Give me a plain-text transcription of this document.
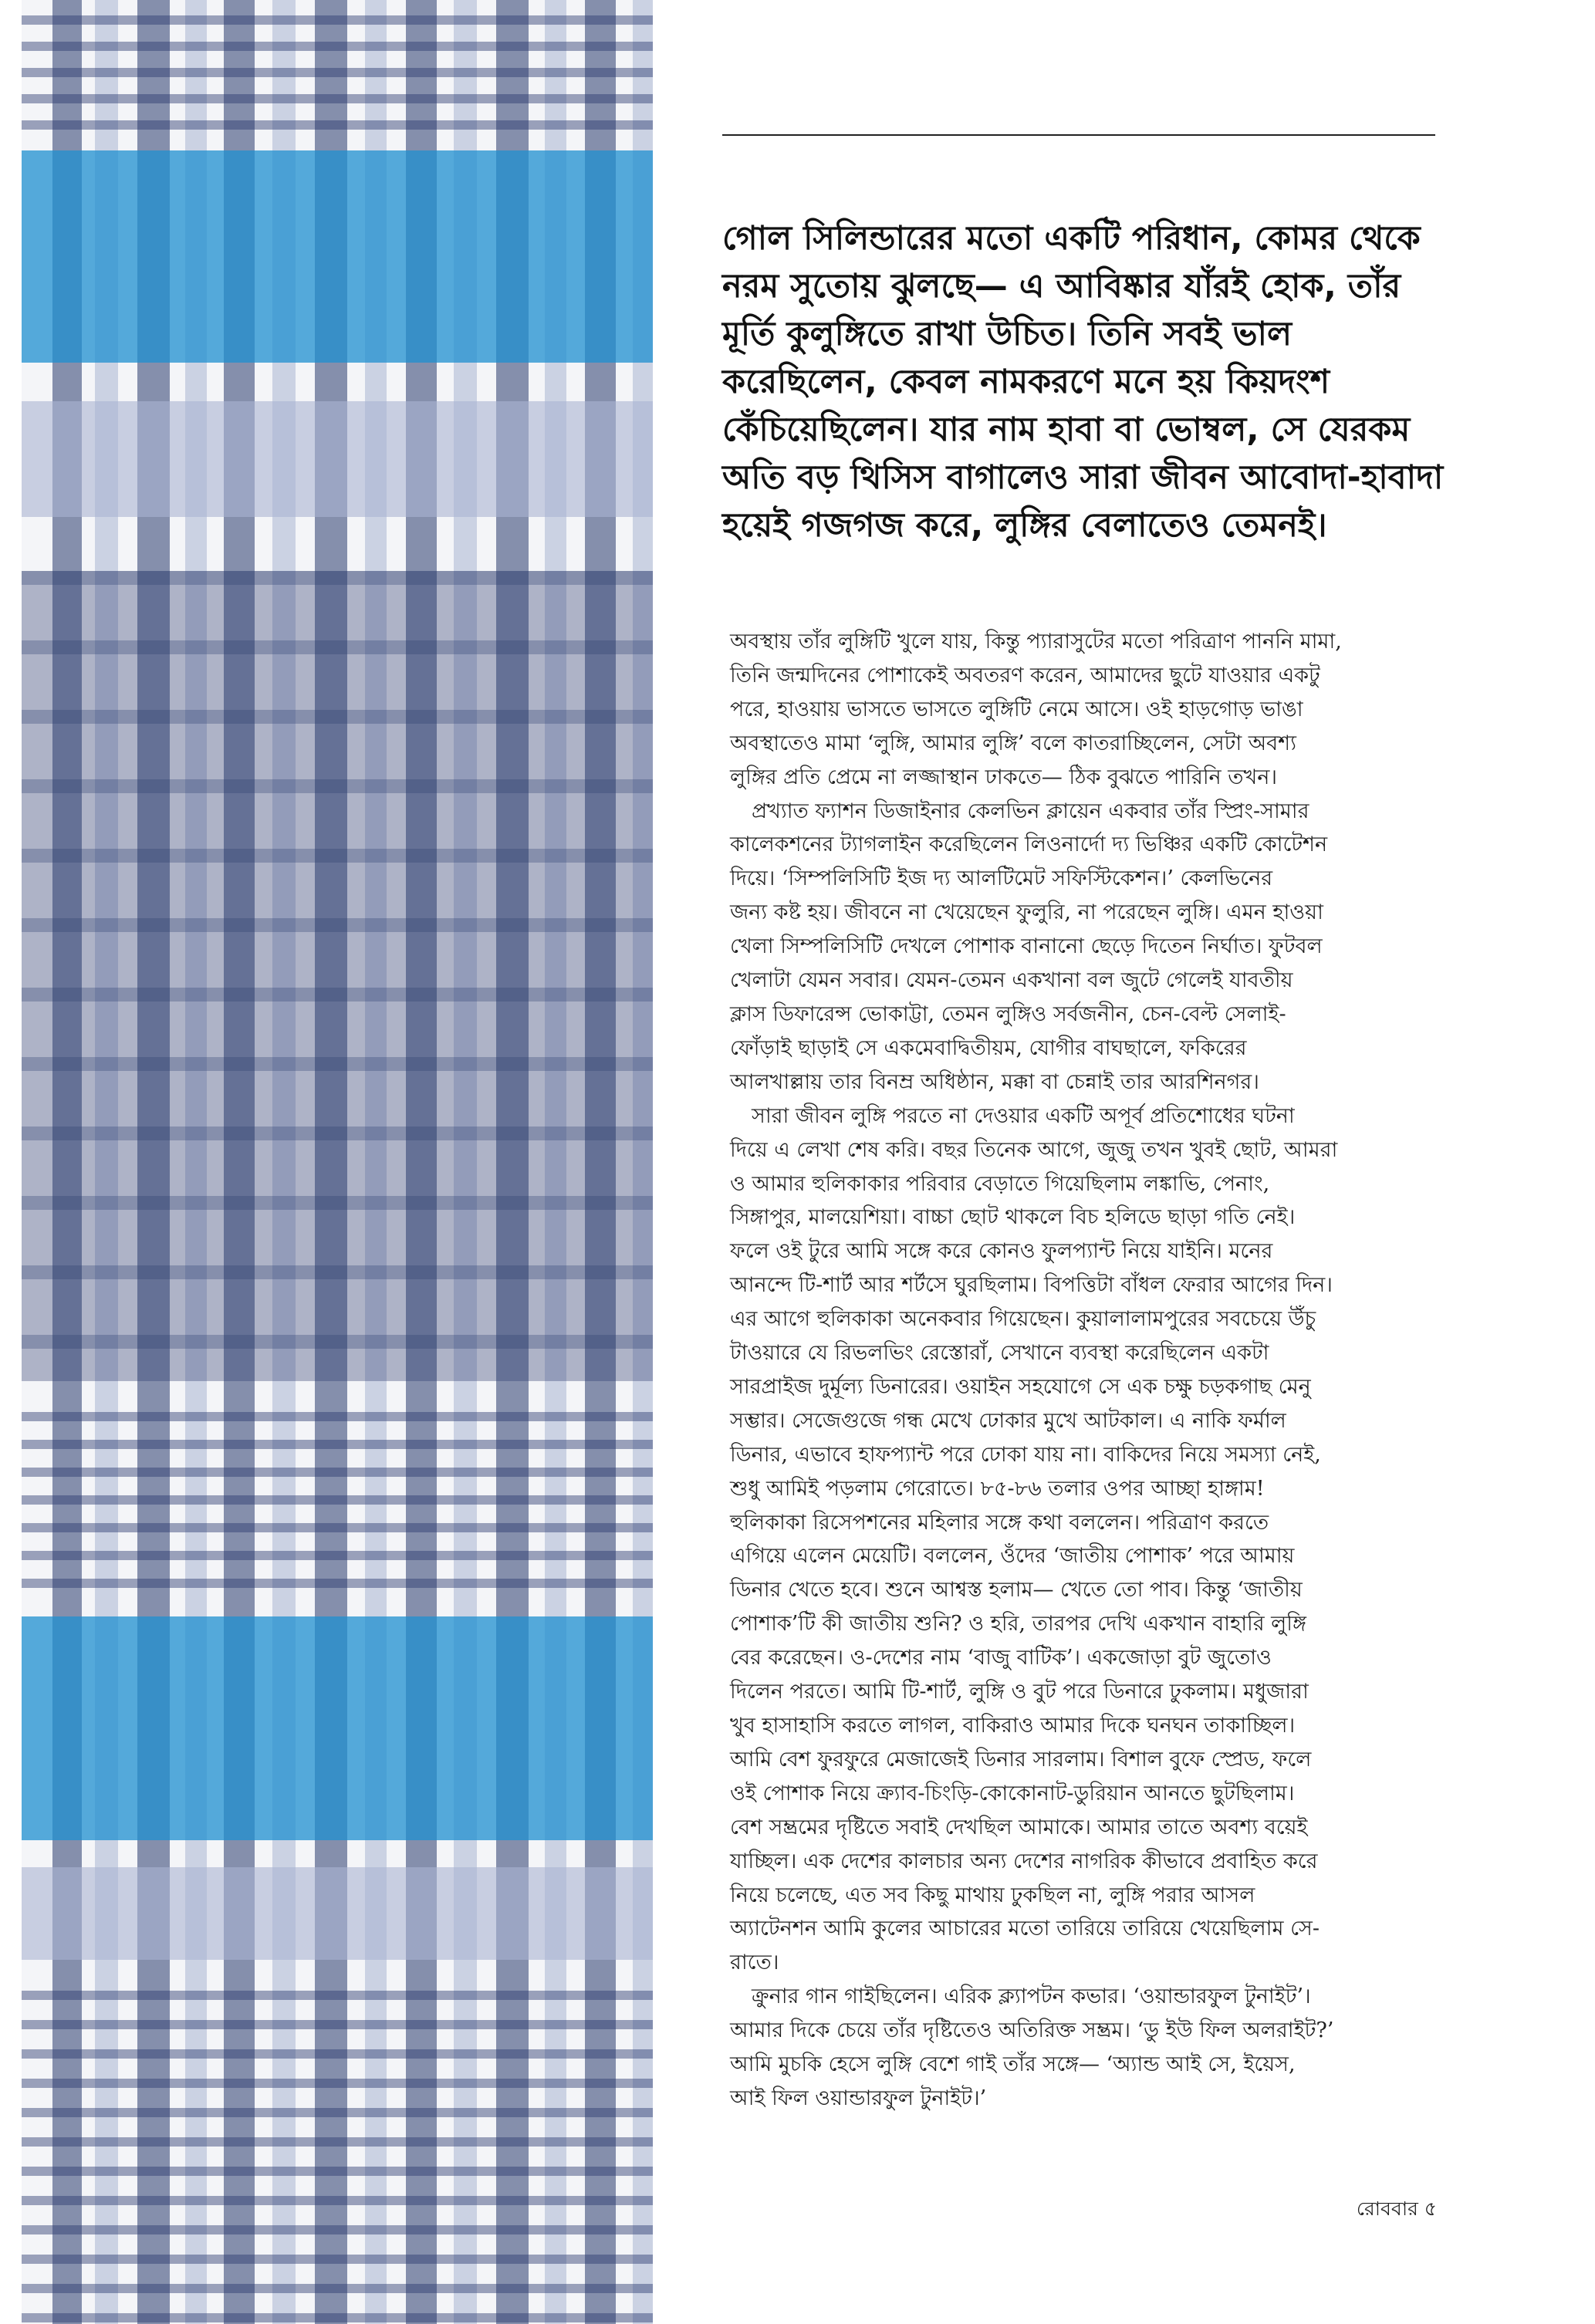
গোল সিলিন্ডারের মতো একটি পরিধান, কোমর থেকে
নরম সুতোয় ঝুলছে— এ আবিষ্কার যাঁরই হোক, তাঁর
মূর্তি কুলুঙ্গিতে রাখা উচিত। তিনি সবই ভাল
করেছিলেন, কেবল নামকরণে মনে হয় কিয়দংশ
কেঁচিয়েছিলেন। যার নাম হাবা বা ভোম্বল, সে যেরকম
অতি বড় থিসিস বাগালেও সারা জীবন আবোদা-হাবাদা
হয়েই গজগজ করে, লুঙ্গির বেলাতেও তেমনই।
অবস্থায় তাঁর লুঙ্গিটি খুলে যায়, কিন্তু প্যারাসুটের মতো পরিত্রাণ পাননি মামা,
তিনি জন্মদিনের পোশাকেই অবতরণ করেন, আমাদের ছুটে যাওয়ার একটু
পরে, হাওয়ায় ভাসতে ভাসতে লুঙ্গিটি নেমে আসে। ওই হাড়গোড় ভাঙা
অবস্থাতেও মামা ‘লুঙ্গি, আমার লুঙ্গি’ বলে কাতরাচ্ছিলেন, সেটা অবশ্য
লুঙ্গির প্রতি প্রেমে না লজ্জাস্থান ঢাকতে— ঠিক বুঝতে পারিনি তখন।
প্রখ্যাত ফ্যাশন ডিজাইনার কেলভিন ক্লায়েন একবার তাঁর স্প্রিং-সামার
কালেকশনের ট্যাগলাইন করেছিলেন লিওনার্দো দ্য ভিঞ্চির একটি কোটেশন
দিয়ে। ‘সিম্পলিসিটি ইজ দ্য আলটিমেট সফিস্টিকেশন।’ কেলভিনের
জন্য কষ্ট হয়। জীবনে না খেয়েছেন ফুলুরি, না পরেছেন লুঙ্গি। এমন হাওয়া
খেলা সিম্পলিসিটি দেখলে পোশাক বানানো ছেড়ে দিতেন নির্ঘাত। ফুটবল
খেলাটা যেমন সবার। যেমন-তেমন একখানা বল জুটে গেলেই যাবতীয়
ক্লাস ডিফারেন্স ভোকাট্টা, তেমন লুঙ্গিও সর্বজনীন, চেন-বেল্ট সেলাই-
ফোঁড়াই ছাড়াই সে একমেবাদ্বিতীয়ম, যোগীর বাঘছালে, ফকিরের
আলখাল্লায় তার বিনম্র অধিষ্ঠান, মক্কা বা চেন্নাই তার আরশিনগর।
সারা জীবন লুঙ্গি পরতে না দেওয়ার একটি অপূর্ব প্রতিশোধের ঘটনা
দিয়ে এ লেখা শেষ করি। বছর তিনেক আগে, জুজু তখন খুবই ছোট, আমরা
ও আমার হুলিকাকার পরিবার বেড়াতে গিয়েছিলাম লঙ্কাভি, পেনাং,
সিঙ্গাপুর, মালয়েশিয়া। বাচ্চা ছোট থাকলে বিচ হলিডে ছাড়া গতি নেই।
ফলে ওই টুরে আমি সঙ্গে করে কোনও ফুলপ্যান্ট নিয়ে যাইনি। মনের
আনন্দে টি-শার্ট আর শর্টসে ঘুরছিলাম। বিপত্তিটা বাঁধল ফেরার আগের দিন।
এর আগে হুলিকাকা অনেকবার গিয়েছেন। কুয়ালালামপুরের সবচেয়ে উঁচু
টাওয়ারে যে রিভলভিং রেস্তোরাঁ, সেখানে ব্যবস্থা করেছিলেন একটা
সারপ্রাইজ দুর্মূল্য ডিনারের। ওয়াইন সহযোগে সে এক চক্ষু চড়কগাছ মেনু
সম্ভার। সেজেগুজে গন্ধ মেখে ঢোকার মুখে আটকাল। এ নাকি ফর্মাল
ডিনার, এভাবে হাফপ্যান্ট পরে ঢোকা যায় না। বাকিদের নিয়ে সমস্যা নেই,
শুধু আমিই পড়লাম গেরোতে। ৮৫-৮৬ তলার ওপর আচ্ছা হাঙ্গাম!
হুলিকাকা রিসেপশনের মহিলার সঙ্গে কথা বললেন। পরিত্রাণ করতে
এগিয়ে এলেন মেয়েটি। বললেন, ওঁদের ‘জাতীয় পোশাক’ পরে আমায়
ডিনার খেতে হবে। শুনে আশ্বস্ত হলাম— খেতে তো পাব। কিন্তু ‘জাতীয়
পোশাক’টি কী জাতীয় শুনি? ও হরি, তারপর দেখি একখান বাহারি লুঙ্গি
বের করেছেন। ও-দেশের নাম ‘বাজু বাটিক’। একজোড়া বুট জুতোও
দিলেন পরতে। আমি টি-শার্ট, লুঙ্গি ও বুট পরে ডিনারে ঢুকলাম। মধুজারা
খুব হাসাহাসি করতে লাগল, বাকিরাও আমার দিকে ঘনঘন তাকাচ্ছিল।
আমি বেশ ফুরফুরে মেজাজেই ডিনার সারলাম। বিশাল বুফে স্প্রেড, ফলে
ওই পোশাক নিয়ে ক্র্যাব-চিংড়ি-কোকোনাট-ডুরিয়ান আনতে ছুটছিলাম।
বেশ সম্ভ্রমের দৃষ্টিতে সবাই দেখছিল আমাকে। আমার তাতে অবশ্য বয়েই
যাচ্ছিল। এক দেশের কালচার অন্য দেশের নাগরিক কীভাবে প্রবাহিত করে
নিয়ে চলেছে, এত সব কিছু মাথায় ঢুকছিল না, লুঙ্গি পরার আসল
অ্যাটেনশন আমি কুলের আচারের মতো তারিয়ে তারিয়ে খেয়েছিলাম সে-
রাতে।
ক্রুনার গান গাইছিলেন। এরিক ক্ল্যাপটন কভার। ‘ওয়ান্ডারফুল টুনাইট’।
আমার দিকে চেয়ে তাঁর দৃষ্টিতেও অতিরিক্ত সম্ভ্রম। ‘ডু ইউ ফিল অলরাইট?’
আমি মুচকি হেসে লুঙ্গি বেশে গাই তাঁর সঙ্গে— ‘অ্যান্ড আই সে, ইয়েস,
আই ফিল ওয়ান্ডারফুল টুনাইট।’
রোববার ৫
